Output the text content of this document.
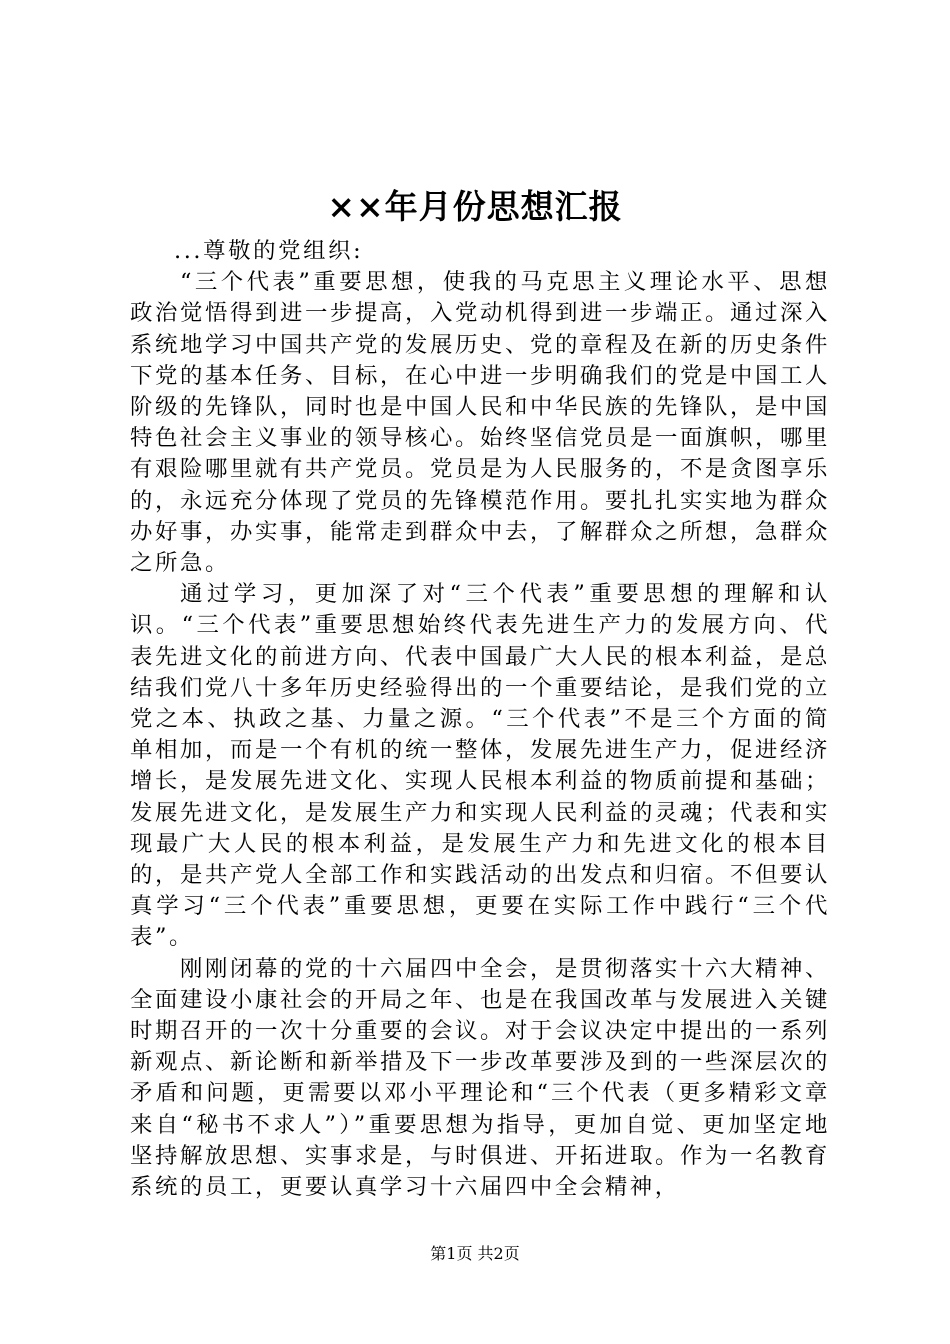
××年月份思想汇报

...尊敬的党组织:

“三个代表”重要思想，使我的马克思主义理论水平、思想政治觉悟得到进一步提高，入党动机得到进一步端正。通过深入系统地学习中国共产党的发展历史、党的章程及在新的历史条件下党的基本任务、目标，在心中进一步明确我们的党是中国工人阶级的先锋队，同时也是中国人民和中华民族的先锋队，是中国特色社会主义事业的领导核心。始终坚信党员是一面旗帜，哪里有艰险哪里就有共产党员。党员是为人民服务的，不是贪图享乐的，永远充分体现了党员的先锋模范作用。要扎扎实实地为群众办好事，办实事，能常走到群众中去，了解群众之所想，急群众之所急。

通过学习，更加深了对“三个代表”重要思想的理解和认识。“三个代表”重要思想始终代表先进生产力的发展方向、代表先进文化的前进方向、代表中国最广大人民的根本利益，是总结我们党八十多年历史经验得出的一个重要结论，是我们党的立党之本、执政之基、力量之源。“三个代表”不是三个方面的简单相加，而是一个有机的统一整体，发展先进生产力，促进经济增长，是发展先进文化、实现人民根本利益的物质前提和基础；发展先进文化，是发展生产力和实现人民利益的灵魂；代表和实现最广大人民的根本利益，是发展生产力和先进文化的根本目的，是共产党人全部工作和实践活动的出发点和归宿。不但要认真学习“三个代表”重要思想，更要在实际工作中践行“三个代表”。

刚刚闭幕的党的十六届四中全会，是贯彻落实十六大精神、全面建设小康社会的开局之年、也是在我国改革与发展进入关键时期召开的一次十分重要的会议。对于会议决定中提出的一系列新观点、新论断和新举措及下一步改革要涉及到的一些深层次的矛盾和问题，更需要以邓小平理论和“三个代表（更多精彩文章来自“秘书不求人”）”重要思想为指导，更加自觉、更加坚定地坚持解放思想、实事求是，与时俱进、开拓进取。作为一名教育系统的员工，更要认真学习十六届四中全会精神，

第1页 共2页
